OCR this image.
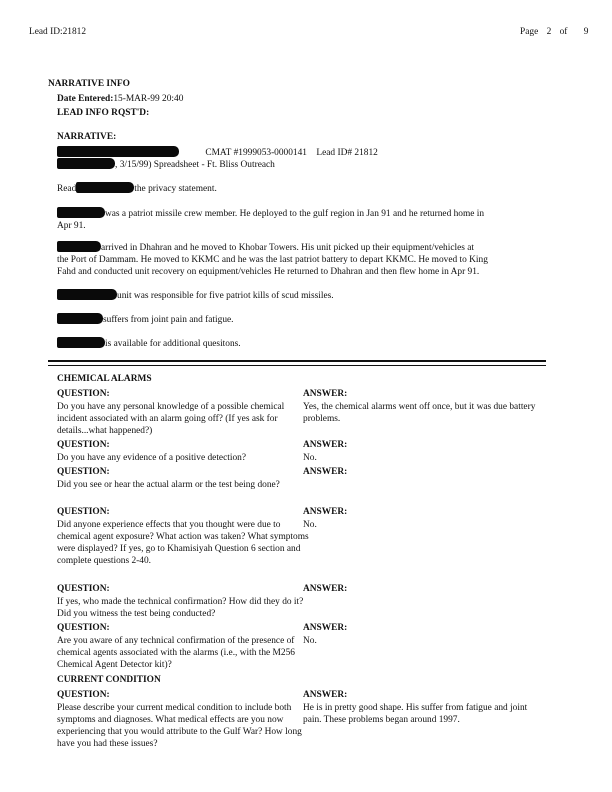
Lead ID:21812	Page 2 of 9
NARRATIVE INFO
Date Entered:15-MAR-99 20:40
LEAD INFO RQST'D:
NARRATIVE:
CMAT #1999053-0000141    Lead ID# 21812
, 3/15/99) Spreadsheet - Ft. Bliss Outreach
Read	the privacy statement.
was a patriot missile crew member. He deployed to the gulf region in Jan 91 and he returned home in
Apr 91.
arrived in Dhahran and he moved to Khobar Towers. His unit picked up their equipment/vehicles at
the Port of Dammam. He moved to KKMC and he was the last patriot battery to depart KKMC. He moved to King
Fahd and conducted unit recovery on equipment/vehicles He returned to Dhahran and then flew home in Apr 91.
unit was responsible for five patriot kills of scud missiles.
suffers from joint pain and fatigue.
is available for additional quesitons.
CHEMICAL ALARMS
QUESTION:
Do you have any personal knowledge of a possible chemical incident associated with an alarm going off? (If yes ask for details...what happened?)
ANSWER:
Yes, the chemical alarms went off once, but it was due battery problems.
QUESTION:
Do you have any evidence of a positive detection?
ANSWER:
No.
QUESTION:
Did you see or hear the actual alarm or the test being done?
ANSWER:
QUESTION:
Did anyone experience effects that you thought were due to chemical agent exposure? What action was taken? What symptoms were displayed? If yes, go to Khamisiyah Question 6 section and complete questions 2-40.
ANSWER:
No.
QUESTION:
If yes, who made the technical confirmation? How did they do it? Did you witness the test being conducted?
ANSWER:
QUESTION:
Are you aware of any technical confirmation of the presence of chemical agents associated with the alarms (i.e., with the M256 Chemical Agent Detector kit)?
ANSWER:
No.
CURRENT CONDITION
QUESTION:
Please describe your current medical condition to include both symptoms and diagnoses. What medical effects are you now experiencing that you would attribute to the Gulf War? How long have you had these issues?
ANSWER:
He is in pretty good shape. His suffer from fatigue and joint pain. These problems began around 1997.
